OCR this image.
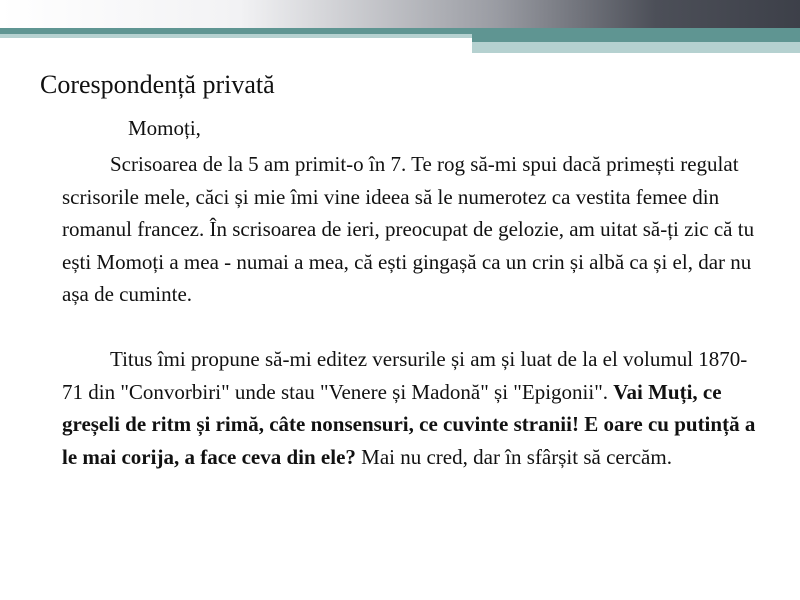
Corespondență privată
Momoți,

Scrisoarea de la 5 am primit-o în 7. Te rog să-mi spui dacă primești regulat scrisorile mele, căci și mie îmi vine ideea să le numerotez ca vestita femee din romanul francez. În scrisoarea de ieri, preocupat de gelozie, am uitat să-ți zic că tu ești Momoți a mea - numai a mea, că ești gingașă ca un crin și albă ca și el, dar nu așa de cuminte.

Titus îmi propune să-mi editez versurile și am și luat de la el volumul 1870-71 din "Convorbiri" unde stau "Venere și Madonă" și "Epigonii". Vai Muți, ce greșeli de ritm și rimă, câte nonsensuri, ce cuvinte stranii! E oare cu putință a le mai corija, a face ceva din ele? Mai nu cred, dar în sfârșit să cercăm.
